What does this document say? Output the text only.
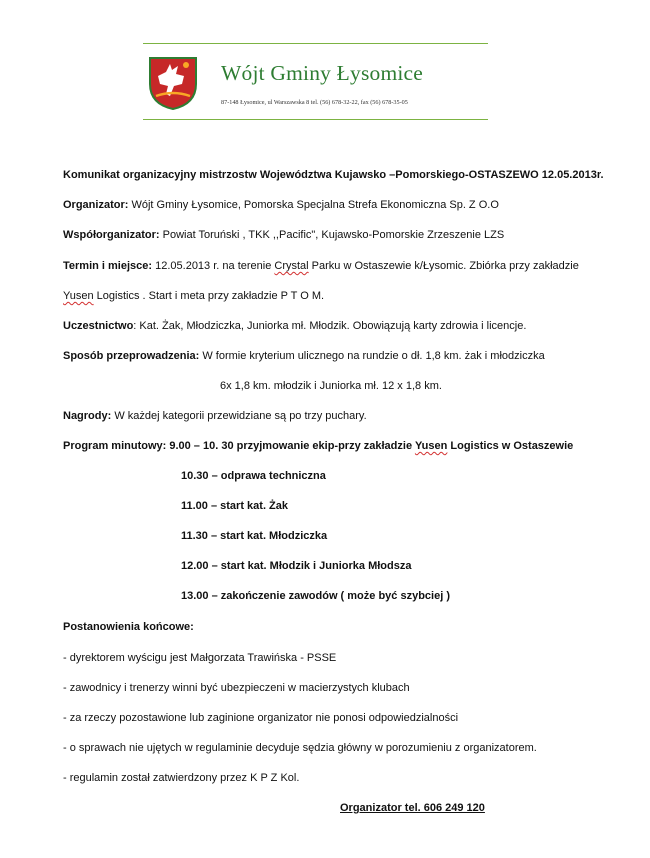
Wójt Gminy Łysomice
87-148 Łysomice, ul Warszawska 8 tel. (56) 678-32-22, fax (56) 678-35-05
Komunikat organizacyjny mistrzostw Województwa Kujawsko –Pomorskiego-OSTASZEWO 12.05.2013r.
Organizator: Wójt Gminy Łysomice, Pomorska Specjalna Strefa Ekonomiczna Sp. Z O.O
Współorganizator: Powiat Toruński , TKK ,,Pacific", Kujawsko-Pomorskie Zrzeszenie LZS
Termin i miejsce: 12.05.2013 r. na terenie Crystal Parku w Ostaszewie k/Łysomic. Zbiórka przy zakładzie
Yusen Logistics . Start i meta przy zakładzie P T O M.
Uczestnictwo: Kat. Żak, Młodziczka, Juniorka mł. Młodzik. Obowiązują karty zdrowia i licencje.
Sposób przeprowadzenia: W formie kryterium ulicznego na rundzie o dł. 1,8 km. żak i młodziczka
6x 1,8 km. młodzik i Juniorka mł. 12 x 1,8 km.
Nagrody: W każdej kategorii przewidziane są po trzy puchary.
Program minutowy: 9.00 – 10. 30 przyjmowanie ekip-przy zakładzie Yusen Logistics w Ostaszewie
10.30 – odprawa techniczna
11.00 – start kat. Żak
11.30 – start kat. Młodziczka
12.00 – start kat. Młodzik i Juniorka Młodsza
13.00 – zakończenie zawodów ( może być szybciej )
Postanowienia końcowe:
- dyrektorem wyścigu jest Małgorzata Trawińska - PSSE
- zawodnicy i trenerzy winni być ubezpieczeni w macierzystych klubach
- za rzeczy pozostawione lub zaginione organizator nie ponosi odpowiedzialności
- o sprawach nie ujętych w regulaminie decyduje sędzia główny w porozumieniu z organizatorem.
- regulamin został zatwierdzony przez K P Z Kol.
Organizator tel. 606 249 120
